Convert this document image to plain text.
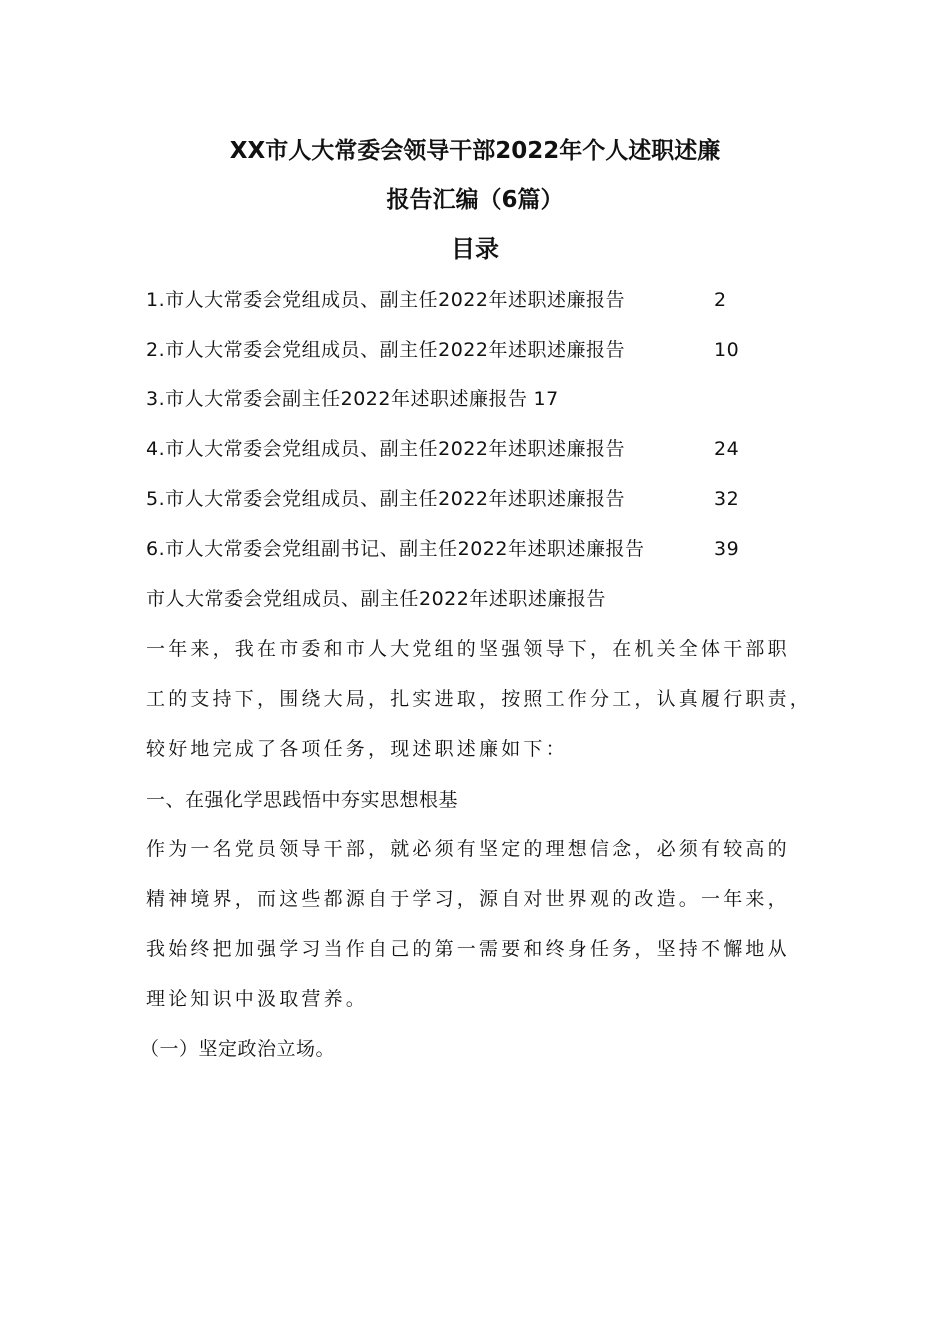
XX市人大常委会领导干部2022年个人述职述廉
报告汇编（6篇）
目录
1.市人大常委会党组成员、副主任2022年述职述廉报告	2
2.市人大常委会党组成员、副主任2022年述职述廉报告	10
3.市人大常委会副主任2022年述职述廉报告 17
4.市人大常委会党组成员、副主任2022年述职述廉报告	24
5.市人大常委会党组成员、副主任2022年述职述廉报告	32
6.市人大常委会党组副书记、副主任2022年述职述廉报告	39
市人大常委会党组成员、副主任2022年述职述廉报告
一年来，我在市委和市人大党组的坚强领导下，在机关全体干部职
工的支持下，围绕大局，扎实进取，按照工作分工，认真履行职责，
较好地完成了各项任务，现述职述廉如下：
一、在强化学思践悟中夯实思想根基
作为一名党员领导干部，就必须有坚定的理想信念，必须有较高的
精神境界，而这些都源自于学习，源自对世界观的改造。一年来，
我始终把加强学习当作自己的第一需要和终身任务，坚持不懈地从
理论知识中汲取营养。
（一）坚定政治立场。
